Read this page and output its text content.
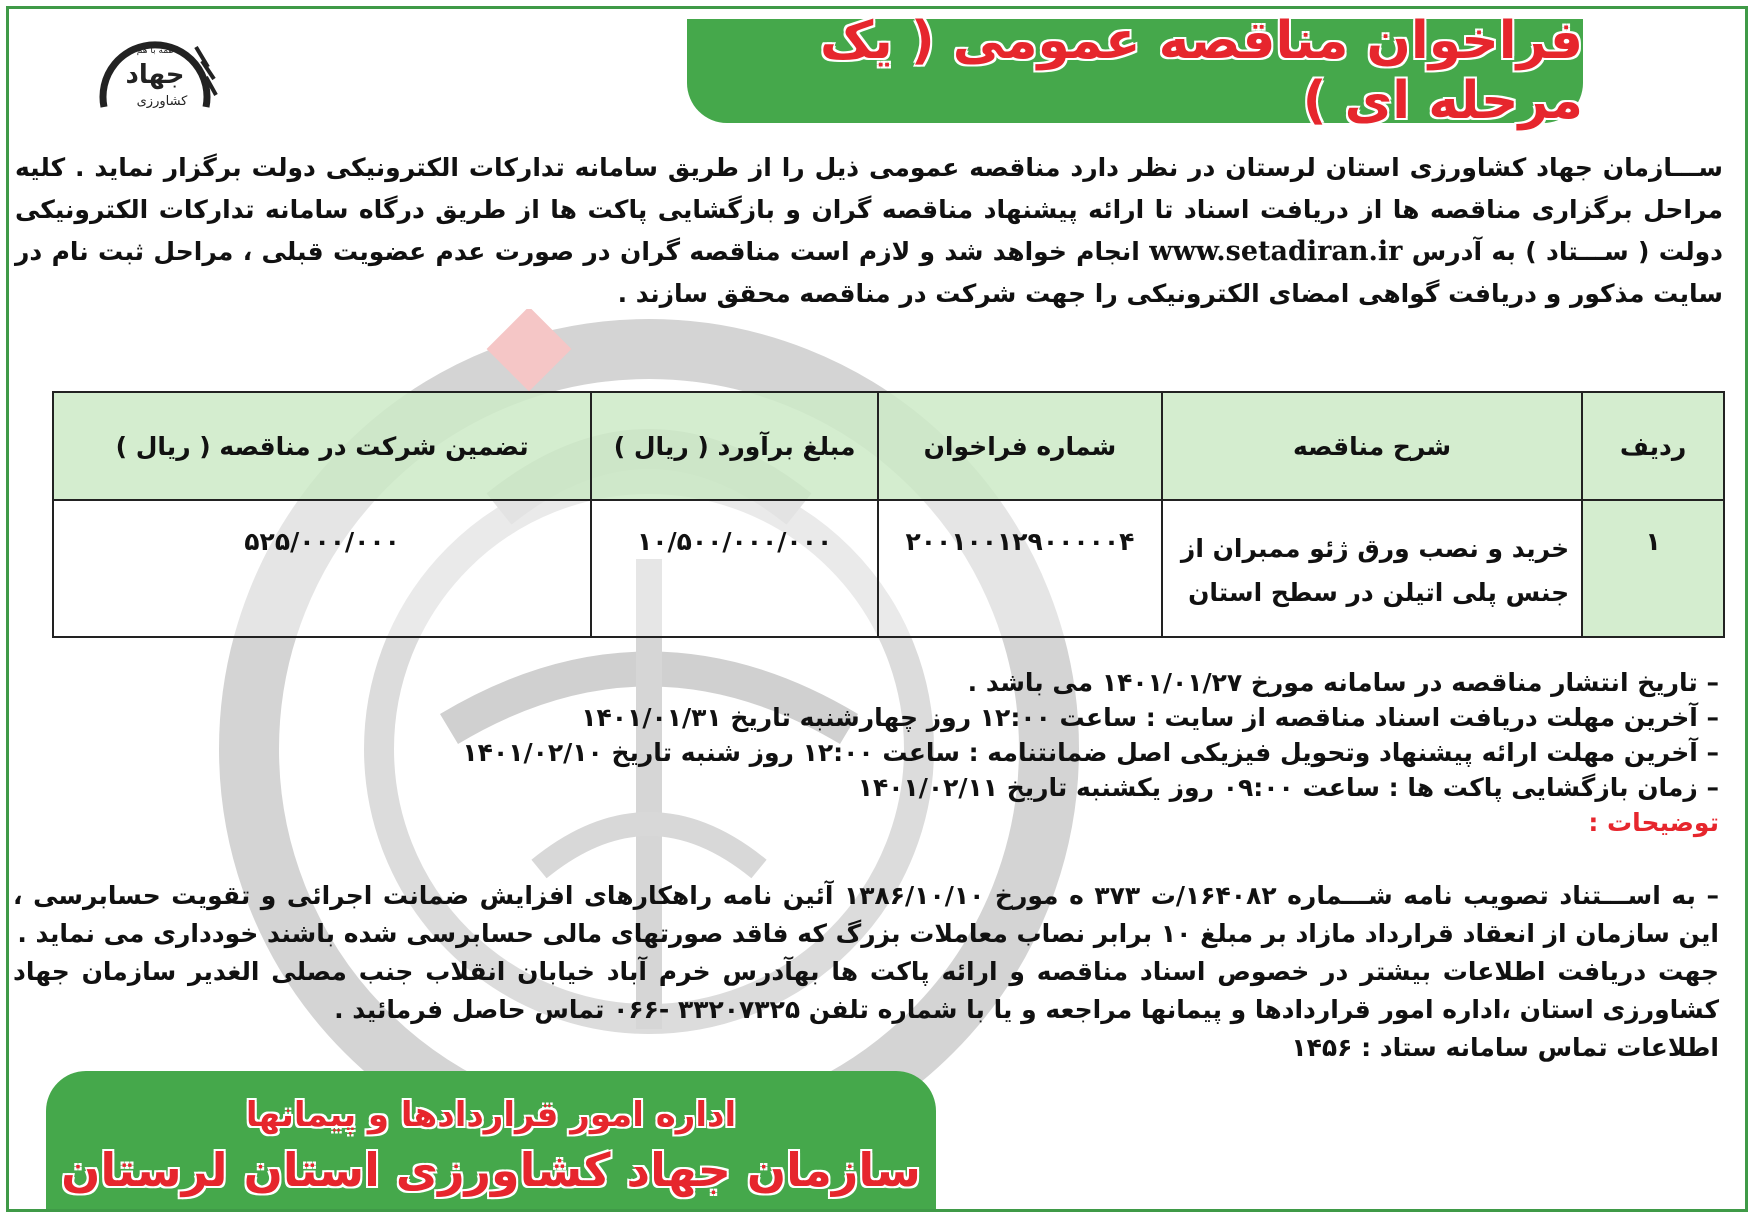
فراخوان مناقصه عمومی ( یک مرحله ای )
همه با هم
جهاد
کشاورزی
ســـازمان جهاد کشاورزی استان لرستان در نظر دارد مناقصه عمومی ذیل را از طریق سامانه تدارکات الکترونیکی دولت برگزار نماید . کلیه مراحل برگزاری مناقصه ها از دریافت اسناد تا ارائه پیشنهاد مناقصه گران و بازگشایی پاکت ها از طریق درگاه سامانه تدارکات الکترونیکی دولت ( ســـتاد ) به آدرس www.setadiran.ir انجام خواهد شد و لازم است مناقصه گران در صورت عدم عضویت قبلی ، مراحل ثبت نام در سایت مذکور و دریافت گواهی امضای الکترونیکی را جهت شرکت در مناقصه محقق سازند .
ردیف	شرح مناقصه	شماره فراخوان	مبلغ برآورد ( ریال )	تضمین شرکت در مناقصه ( ریال )
۱	خرید و نصب ورق ژئو ممبران از جنس پلی اتیلن در سطح استان	۲۰۰۱۰۰۱۲۹۰۰۰۰۰۴	۱۰/۵۰۰/۰۰۰/۰۰۰	۵۲۵/۰۰۰/۰۰۰

– تاریخ انتشار مناقصه در سامانه مورخ ۱۴۰۱/۰۱/۲۷ می باشد .

– آخرین مهلت دریافت اسناد مناقصه از سایت : ساعت ۱۲:۰۰ روز چهارشنبه تاریخ ۱۴۰۱/۰۱/۳۱

– آخرین مهلت ارائه پیشنهاد وتحویل فیزیکی اصل ضمانتنامه : ساعت ۱۲:۰۰ روز شنبه تاریخ ۱۴۰۱/۰۲/۱۰

– زمان بازگشایی پاکت ها : ساعت ۰۹:۰۰ روز یکشنبه تاریخ ۱۴۰۱/۰۲/۱۱

توضیحات :

– به اســـتناد تصویب نامه شـــماره ۱۶۴۰۸۲/ت ۳۷۳ ه مورخ ۱۳۸۶/۱۰/۱۰ آئین نامه راهکارهای افزایش ضمانت اجرائی و تقویت حسابرسی ، این سازمان از انعقاد قرارداد مازاد بر مبلغ ۱۰ برابر نصاب معاملات بزرگ که فاقد صورتهای مالی حسابرسی شده باشند خودداری می نماید .

جهت دریافت اطلاعات بیشتر در خصوص اسناد مناقصه و ارائه پاکت ها بهآدرس خرم آباد خیابان انقلاب جنب مصلی الغدیر سازمان جهاد کشاورزی استان ،اداره امور قراردادها و پیمانها مراجعه و یا با شماره تلفن ۳۳۲۰۷۳۲۵ -۰۶۶ تماس حاصل فرمائید .

اطلاعات تماس سامانه ستاد : ۱۴۵۶

اداره امور قراردادها و پیمانها
سازمان جهاد کشاورزی استان لرستان
